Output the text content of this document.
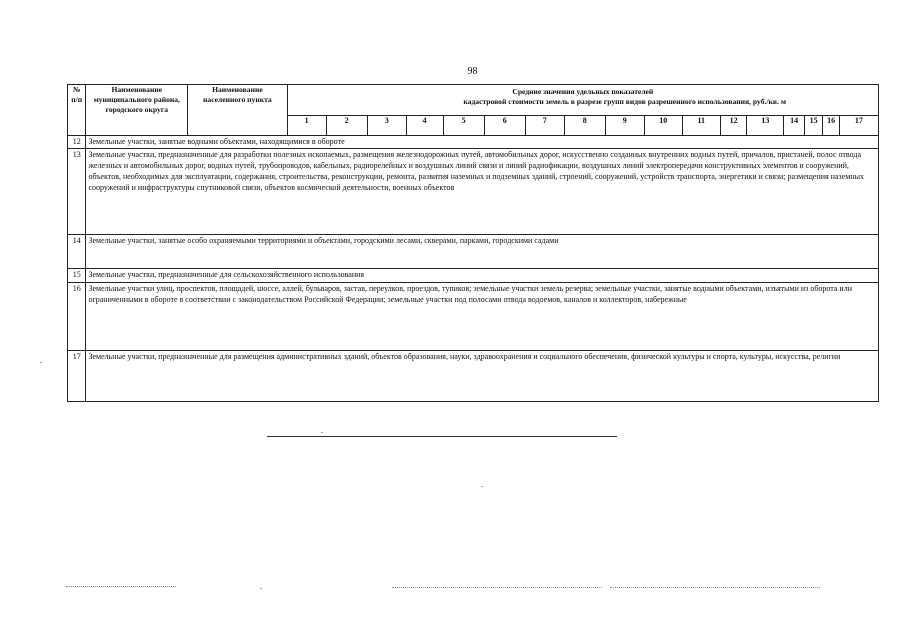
98
№ п/п	Наименование муниципального района, городского округа	Наименование населенного пункта	Средние значения удельных показателей
кадастровой стоимости земель в разрезе групп видов разрешенного использования, руб./кв. м																

			1	2	3	4	5	6	7	8	9	10	11	12	13	14	15	16	17
12	Земельные участки, занятые водными объектами, находящимися в обороте																		
13	Земельные участки, предназначенные для разработки полезных ископаемых, размещения железнодорожных путей, автомобильных дорог, искусственно созданных внутренних водных путей, причалов, пристаней, полос отвода железных и автомобильных дорог, водных путей, трубопроводов, кабельных, радиорелейных и воздушных линий связи и линий радиофикации, воздушных линий электропередачи конструктивных элементов и сооружений, объектов, необходимых для эксплуатации, содержания, строительства, реконструкции, ремонта, развития наземных и подземных зданий, строений, сооружений, устройств транспорта, энергетики и связи; размещения наземных сооружений и инфраструктуры спутниковой связи, объектов космической деятельности, военных объектов																		
14	Земельные участки, занятые особо охраняемыми территориями и объектами, городскими лесами, скверами, парками, городскими садами																		
15	Земельные участки, предназначенные для сельскохозяйственного использования																		
16	Земельные участки улиц, проспектов, площадей, шоссе, аллей, бульваров, застав, переулков, проездов, тупиков; земельные участки земель резерва; земельные участки, занятые водными объектами, изъятыми из оборота или ограниченными в обороте в соответствии с законодательством Российской Федерации; земельные участки под полосами отвода водоемов, каналов и коллекторов, набережные																		
17	Земельные участки, предназначенные для размещения административных зданий, объектов образования, науки, здравоохранения и социального обеспечения, физической культуры и спорта, культуры, искусства, религии																		
